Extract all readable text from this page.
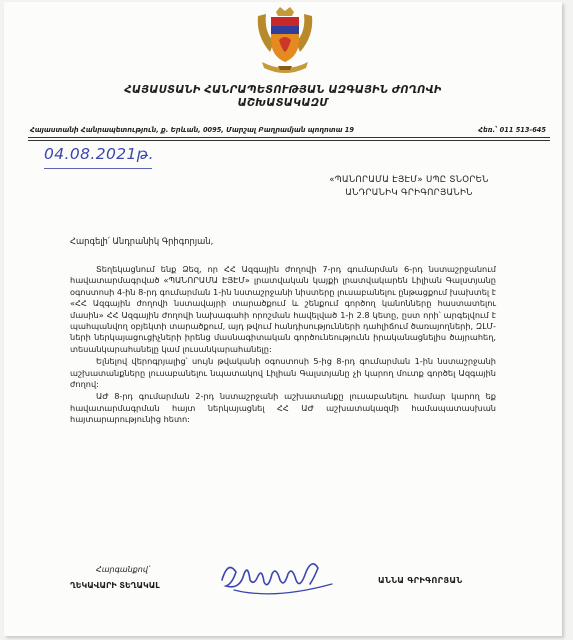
ՀԱՅԱՍՏԱՆԻ ՀԱՆՐԱՊԵՏՈՒԹՅԱՆ ԱԶԳԱՅԻՆ ԺՈՂՈՎԻ
ԱՇԽԱՏԱԿԱԶՄ
Հայաստանի Հանրապետություն, ք. Երևան, 0095, Մարշալ Բաղրամյան պողոտա 19	Հեռ.՝ 011 513-645
04.08.2021թ.
«ՊԱՆՈՐԱՄԱ ԷՅԷՄ» ՍՊԸ ՏՆՕՐԵՆ
ԱՆԴՐԱՆԻԿ ԳՐԻԳՈՐՅԱՆԻՆ
Հարգելի՛ Անդրանիկ Գրիգորյան,

Տեղեկացնում ենք Ձեզ, որ ՀՀ Ազգային ժողովի 7-րդ գումարման 6-րդ նստաշրջանում հավատարմագրված «ՊԱՆՈՐԱՄԱ ԷՅԷՄ» լրատվական կայքի լրատվակարեն Լիլիան Գալստյանը օգոստոսի 4-ին 8-րդ գումարման 1-ին նստաշրջանի նիստերը լուսաբանելու ընթացքում խախտել է «ՀՀ Ազգային ժողովի նստավայրի տարածքում և շենքում գործող կանոնները հաստատելու մասին» ՀՀ Ազգային ժողովի նախագահի որոշման հավելված 1-ի 2.8 կետը, ըստ որի՝ արգելվում է պահպանվող օբյեկտի տարածքում, այդ թվում հանդիսությունների դահլիճում ծառայողների, ԶԼՄ-ների ներկայացուցիչների իրենց մասնագիտական գործունեությունն իրականացնելիս ծայրահեղ, տեսանկարահանելը կամ լուսանկարահանելը:

Ելնելով վերոգրյալից՝ սույն թվականի օգոստոսի 5-ից 8-րդ գումարման 1-ին նստաշրջանի աշխատանքները լուսաբանելու նպատակով Լիլիան Գալստյանը չի կարող մուտք գործել Ազգային ժողով:

ԱԺ 8-րդ գումարման 2-րդ նստաշրջանի աշխատանքը լուսաբանելու համար կարող եք հավատարմագրման հայտ ներկայացնել ՀՀ ԱԺ աշխատակազմի համապատասխան հայտարարությունից հետո:

Հարգանքով՝
ՂԵԿԱՎԱՐԻ ՏԵՂԱԿԱԼ
ԱՆՆԱ ԳՐԻԳՈՐՅԱՆ
